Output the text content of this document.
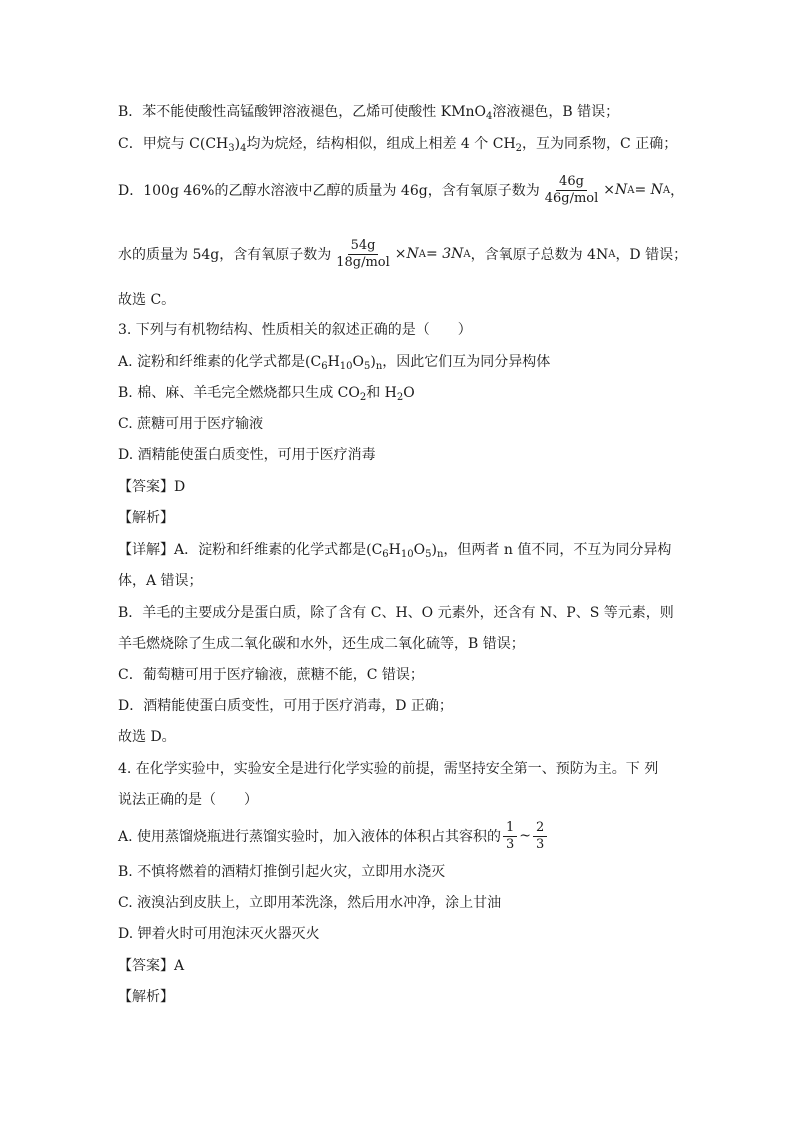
B．苯不能使酸性高锰酸钾溶液褪色，乙烯可使酸性 KMnO$_4$溶液褪色，B 错误；
C．甲烷与 $C(CH_3)_4$均为烷烃，结构相似，组成上相差 4 个 $CH_2$，互为同系物，C 正确；
D．100g 46%的乙醇水溶液中乙醇的质量为 46g，含有氧原子数为 $\frac{46g}{\text{46g/mol}} \times N$ A = N A ，
水的质量为 54g，含有氧原子数为 $\frac{54g}{\text{18g/mol}} \times N$ A = 3N A ，含氧原子总数为 4N A ，D 错误；
故选 C。
3. 下列与有机物结构、性质相关的叙述正确的是（　　）
A. 淀粉和纤维素的化学式都是$(C_6H_{10}O_5)_n$，因此它们互为同分异构体
B. 棉、麻、羊毛完全燃烧都只生成 $CO_2$和 $H_2O$
C. 蔗糖可用于医疗输液
D. 酒精能使蛋白质变性，可用于医疗消毒
【答案】D
【解析】
【详解】A．淀粉和纤维素的化学式都是$(C_6H_{10}O_5)_n$，但两者 n 值不同，不互为同分异构
体，A 错误；
B．羊毛的主要成分是蛋白质，除了含有 C、H、O 元素外，还含有 N、P、S 等元素，则
羊毛燃烧除了生成二氧化碳和水外，还生成二氧化硫等，B 错误；
C．葡萄糖可用于医疗输液，蔗糖不能，C 错误；
D．酒精能使蛋白质变性，可用于医疗消毒，D 正确；
故选 D。
4. 在化学实验中，实验安全是进行化学实验的前提，需坚持安全第一、预防为主。下 列
说法正确的是（　　）
A. 使用蒸馏烧瓶进行蒸馏实验时，加入液体的体积占其容积的 $\frac{1}{3}$ ~ $\frac{2}{3}$
B. 不慎将燃着的酒精灯推倒引起火灾，立即用水浇灭
C. 液溴沾到皮肤上，立即用苯洗涤，然后用水冲净，涂上甘油
D. 钾着火时可用泡沫灭火器灭火
【答案】A
【解析】
